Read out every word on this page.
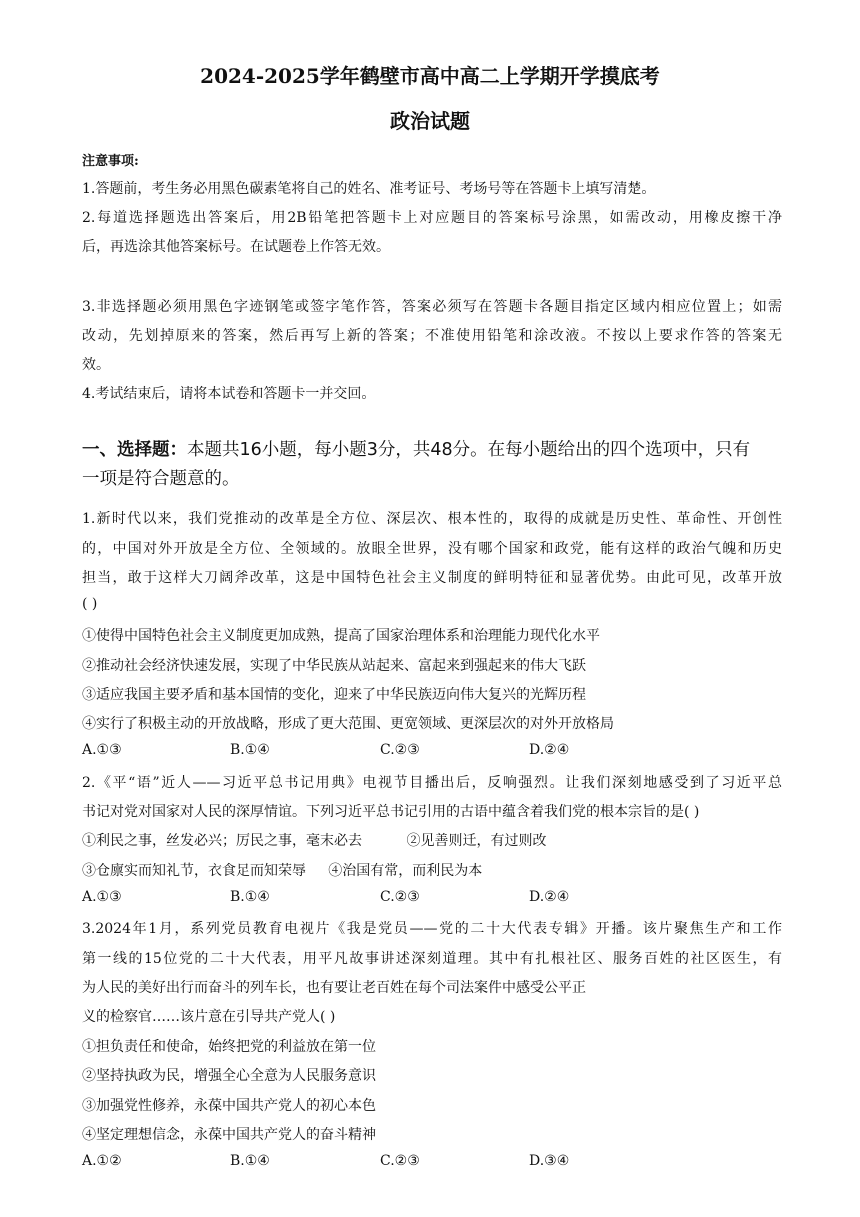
2024-2025学年鹤壁市高中高二上学期开学摸底考
政治试题
注意事项:
1.答题前，考生务必用黑色碳素笔将自己的姓名、准考证号、考场号等在答题卡上填写清楚。
2.每道选择题选出答案后，用2B铅笔把答题卡上对应题目的答案标号涂黑，如需改动，用橡皮擦干净
后，再选涂其他答案标号。在试题卷上作答无效。
3.非选择题必须用黑色字迹钢笔或签字笔作答，答案必须写在答题卡各题目指定区域内相应位置上；如需
改动，先划掉原来的答案，然后再写上新的答案；不准使用铅笔和涂改液。不按以上要求作答的答案无
效。
4.考试结束后，请将本试卷和答题卡一并交回。
一、选择题：本题共16小题，每小题3分，共48分。在每小题给出的四个选项中，只有
一项是符合题意的。
1.新时代以来，我们党推动的改革是全方位、深层次、根本性的，取得的成就是历史性、革命性、开创性
的，中国对外开放是全方位、全领域的。放眼全世界，没有哪个国家和政党，能有这样的政治气魄和历史
担当，敢于这样大刀阔斧改革，这是中国特色社会主义制度的鲜明特征和显著优势。由此可见，改革开放
( )
①使得中国特色社会主义制度更加成熟，提高了国家治理体系和治理能力现代化水平
②推动社会经济快速发展，实现了中华民族从站起来、富起来到强起来的伟大飞跃
③适应我国主要矛盾和基本国情的变化，迎来了中华民族迈向伟大复兴的光辉历程
④实行了积极主动的开放战略，形成了更大范围、更宽领域、更深层次的对外开放格局
A.①③	B.①④	C.②③	D.②④
2.《平“语”近人——习近平总书记用典》电视节目播出后，反响强烈。让我们深刻地感受到了习近平总
书记对党对国家对人民的深厚情谊。下列习近平总书记引用的古语中蕴含着我们党的根本宗旨的是( )
①利民之事，丝发必兴；厉民之事，毫末必去          ②见善则迁，有过则改
③仓廪实而知礼节，衣食足而知荣辱     ④治国有常，而利民为本
A.①③	B.①④	C.②③	D.②④
3.2024年1月，系列党员教育电视片《我是党员——党的二十大代表专辑》开播。该片聚焦生产和工作
第一线的15位党的二十大代表，用平凡故事讲述深刻道理。其中有扎根社区、服务百姓的社区医生，有
为人民的美好出行而奋斗的列车长，也有要让老百姓在每个司法案件中感受公平正
义的检察官……该片意在引导共产党人( )
①担负责任和使命，始终把党的利益放在第一位
②坚持执政为民，增强全心全意为人民服务意识
③加强党性修养，永葆中国共产党人的初心本色
④坚定理想信念，永葆中国共产党人的奋斗精神
A.①②	B.①④	C.②③	D.③④
